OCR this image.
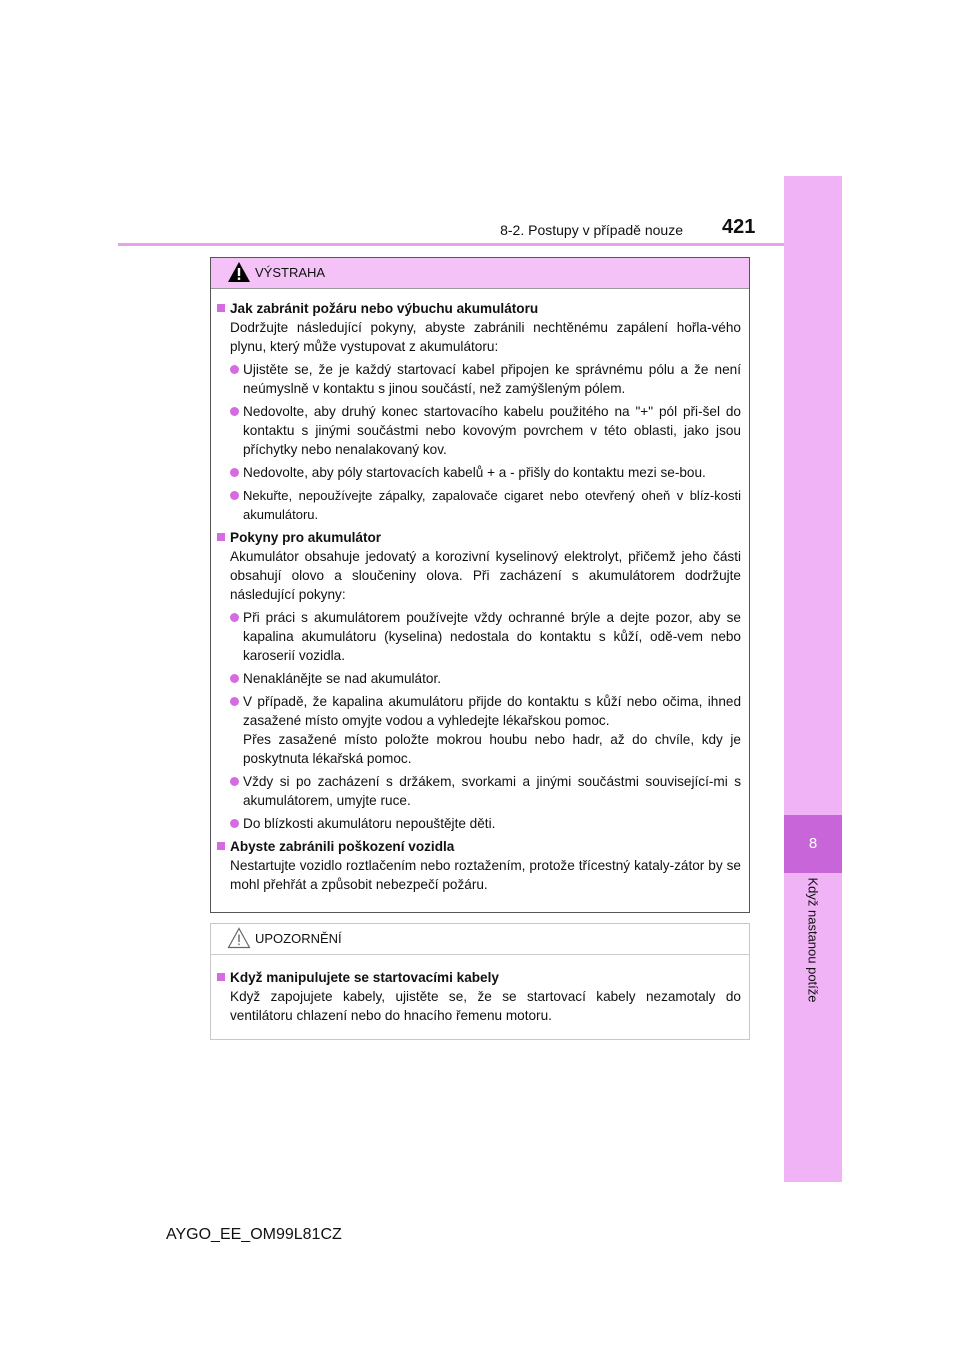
8-2. Postupy v případě nouze 421
8
Když nastanou potíže
VÝSTRAHA
Jak zabránit požáru nebo výbuchu akumulátoru
Dodržujte následující pokyny, abyste zabránili nechtěnému zapálení hořla-vého plynu, který může vystupovat z akumulátoru:
Ujistěte se, že je každý startovací kabel připojen ke správnému pólu a že není neúmyslně v kontaktu s jinou součástí, než zamýšleným pólem.
Nedovolte, aby druhý konec startovacího kabelu použitého na "+" pól při-šel do kontaktu s jinými součástmi nebo kovovým povrchem v této oblasti, jako jsou příchytky nebo nenalakovaný kov.
Nedovolte, aby póly startovacích kabelů + a - přišly do kontaktu mezi se-bou.
Nekuřte, nepoužívejte zápalky, zapalovače cigaret nebo otevřený oheň v blíz-kosti akumulátoru.
Pokyny pro akumulátor
Akumulátor obsahuje jedovatý a korozivní kyselinový elektrolyt, přičemž jeho části obsahují olovo a sloučeniny olova. Při zacházení s akumulátorem dodržujte následující pokyny:
Při práci s akumulátorem používejte vždy ochranné brýle a dejte pozor, aby se kapalina akumulátoru (kyselina) nedostala do kontaktu s kůží, odě-vem nebo karoserií vozidla.
Nenaklánějte se nad akumulátor.
V případě, že kapalina akumulátoru přijde do kontaktu s kůží nebo očima, ihned zasažené místo omyjte vodou a vyhledejte lékařskou pomoc.
Přes zasažené místo položte mokrou houbu nebo hadr, až do chvíle, kdy je poskytnuta lékařská pomoc.
Vždy si po zacházení s držákem, svorkami a jinými součástmi související-mi s akumulátorem, umyjte ruce.
Do blízkosti akumulátoru nepouštějte děti.
Abyste zabránili poškození vozidla
Nestartujte vozidlo roztlačením nebo roztažením, protože třícestný kataly-zátor by se mohl přehřát a způsobit nebezpečí požáru.
UPOZORNĚNÍ
Když manipulujete se startovacími kabely
Když zapojujete kabely, ujistěte se, že se startovací kabely nezamotaly do ventilátoru chlazení nebo do hnacího řemenu motoru.
AYGO_EE_OM99L81CZ
